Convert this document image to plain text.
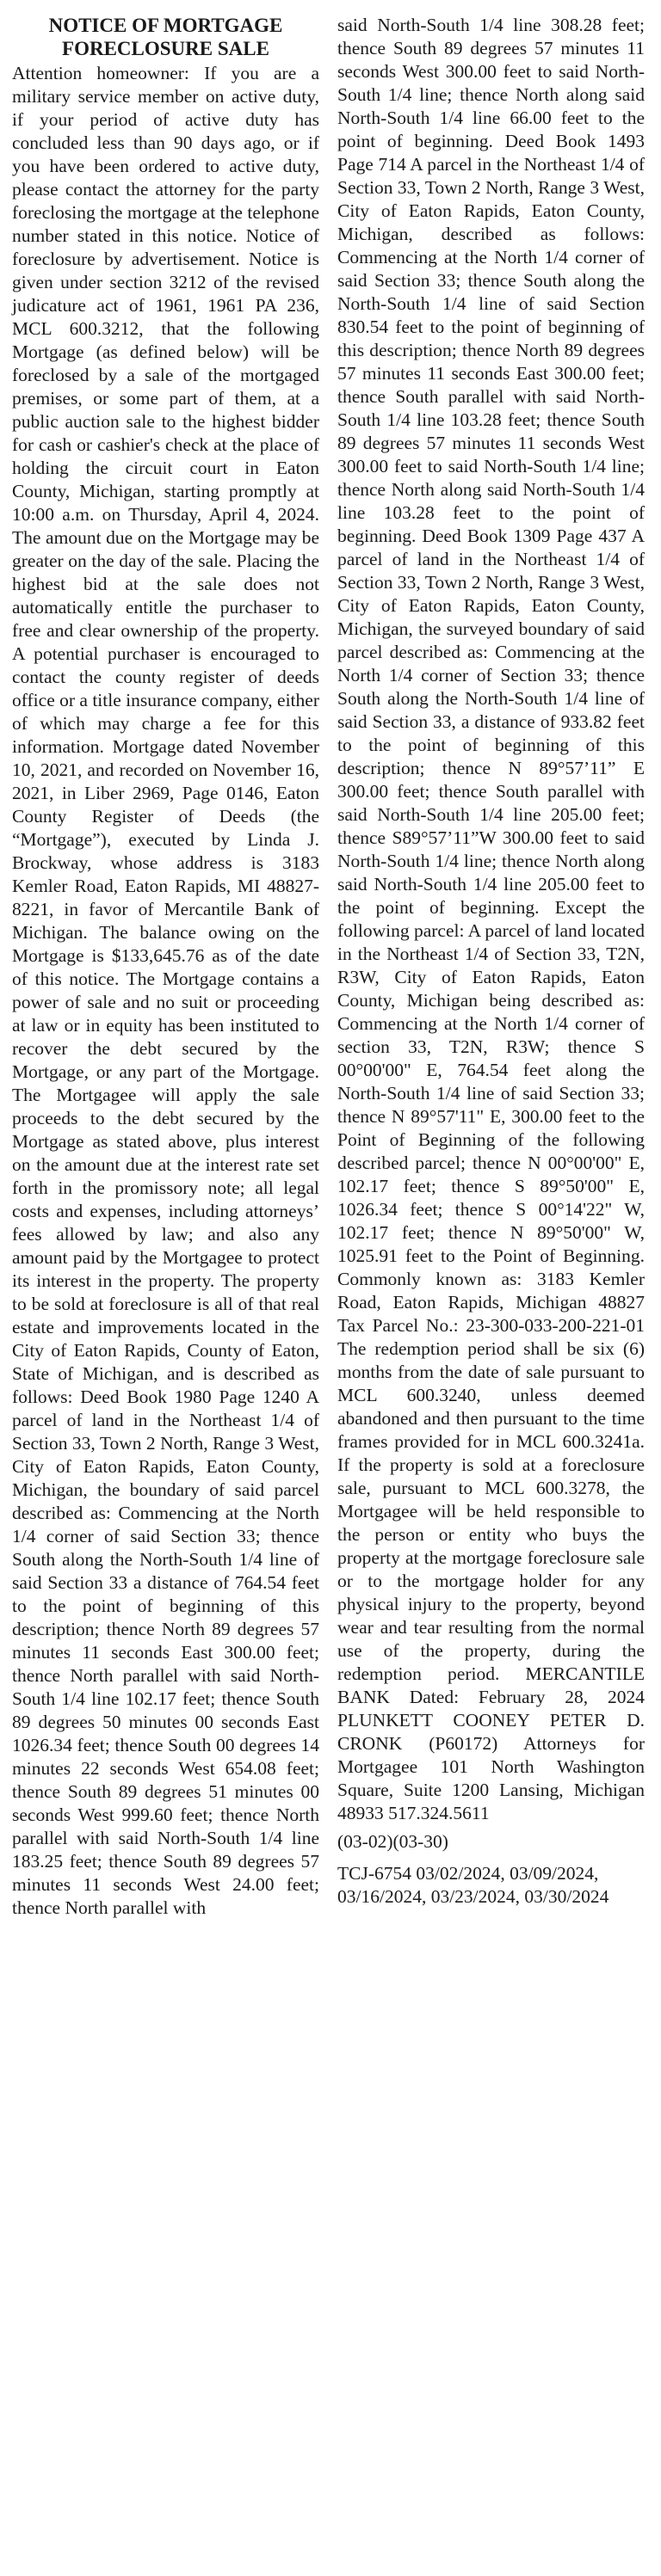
NOTICE OF MORTGAGE FORECLOSURE SALE

Attention homeowner: If you are a military service member on active duty, if your period of active duty has concluded less than 90 days ago, or if you have been ordered to active duty, please contact the attorney for the party foreclosing the mortgage at the telephone number stated in this notice. Notice of foreclosure by advertisement. Notice is given under section 3212 of the revised judicature act of 1961, 1961 PA 236, MCL 600.3212, that the following Mortgage (as defined below) will be foreclosed by a sale of the mortgaged premises, or some part of them, at a public auction sale to the highest bidder for cash or cashier's check at the place of holding the circuit court in Eaton County, Michigan, starting promptly at 10:00 a.m. on Thursday, April 4, 2024. The amount due on the Mortgage may be greater on the day of the sale. Placing the highest bid at the sale does not automatically entitle the purchaser to free and clear ownership of the property. A potential purchaser is encouraged to contact the county register of deeds office or a title insurance company, either of which may charge a fee for this information. Mortgage dated November 10, 2021, and recorded on November 16, 2021, in Liber 2969, Page 0146, Eaton County Register of Deeds (the “Mortgage”), executed by Linda J. Brockway, whose address is 3183 Kemler Road, Eaton Rapids, MI 48827-8221, in favor of Mercantile Bank of Michigan. The balance owing on the Mortgage is $133,645.76 as of the date of this notice. The Mortgage contains a power of sale and no suit or proceeding at law or in equity has been instituted to recover the debt secured by the Mortgage, or any part of the Mortgage. The Mortgagee will apply the sale proceeds to the debt secured by the Mortgage as stated above, plus interest on the amount due at the interest rate set forth in the promissory note; all legal costs and expenses, including attorneys’ fees allowed by law; and also any amount paid by the Mortgagee to protect its interest in the property. The property to be sold at foreclosure is all of that real estate and improvements located in the City of Eaton Rapids, County of Eaton, State of Michigan, and is described as follows: Deed Book 1980 Page 1240 A parcel of land in the Northeast 1/4 of Section 33, Town 2 North, Range 3 West, City of Eaton Rapids, Eaton County, Michigan, the boundary of said parcel described as: Commencing at the North 1/4 corner of said Section 33; thence South along the North-South 1/4 line of said Section 33 a distance of 764.54 feet to the point of beginning of this description; thence North 89 degrees 57 minutes 11 seconds East 300.00 feet; thence North parallel with said North-South 1/4 line 102.17 feet; thence South 89 degrees 50 minutes 00 seconds East 1026.34 feet; thence South 00 degrees 14 minutes 22 seconds West 654.08 feet; thence South 89 degrees 51 minutes 00 seconds West 999.60 feet; thence North parallel with said North-South 1/4 line 183.25 feet; thence South 89 degrees 57 minutes 11 seconds West 24.00 feet; thence North parallel with

said North-South 1/4 line 308.28 feet; thence South 89 degrees 57 minutes 11 seconds West 300.00 feet to said North-South 1/4 line; thence North along said North-South 1/4 line 66.00 feet to the point of beginning. Deed Book 1493 Page 714 A parcel in the Northeast 1/4 of Section 33, Town 2 North, Range 3 West, City of Eaton Rapids, Eaton County, Michigan, described as follows: Commencing at the North 1/4 corner of said Section 33; thence South along the North-South 1/4 line of said Section 830.54 feet to the point of beginning of this description; thence North 89 degrees 57 minutes 11 seconds East 300.00 feet; thence South parallel with said North-South 1/4 line 103.28 feet; thence South 89 degrees 57 minutes 11 seconds West 300.00 feet to said North-South 1/4 line; thence North along said North-South 1/4 line 103.28 feet to the point of beginning. Deed Book 1309 Page 437 A parcel of land in the Northeast 1/4 of Section 33, Town 2 North, Range 3 West, City of Eaton Rapids, Eaton County, Michigan, the surveyed boundary of said parcel described as: Commencing at the North 1/4 corner of Section 33; thence South along the North-South 1/4 line of said Section 33, a distance of 933.82 feet to the point of beginning of this description; thence N 89°57’11” E 300.00 feet; thence South parallel with said North-South 1/4 line 205.00 feet; thence S89°57’11”W 300.00 feet to said North-South 1/4 line; thence North along said North-South 1/4 line 205.00 feet to the point of beginning. Except the following parcel: A parcel of land located in the Northeast 1/4 of Section 33, T2N, R3W, City of Eaton Rapids, Eaton County, Michigan being described as: Commencing at the North 1/4 corner of section 33, T2N, R3W; thence S 00°00'00" E, 764.54 feet along the North-South 1/4 line of said Section 33; thence N 89°57'11" E, 300.00 feet to the Point of Beginning of the following described parcel; thence N 00°00'00" E, 102.17 feet; thence S 89°50'00" E, 1026.34 feet; thence S 00°14'22" W, 102.17 feet; thence N 89°50'00" W, 1025.91 feet to the Point of Beginning. Commonly known as: 3183 Kemler Road, Eaton Rapids, Michigan 48827 Tax Parcel No.: 23-300-033-200-221-01 The redemption period shall be six (6) months from the date of sale pursuant to MCL 600.3240, unless deemed abandoned and then pursuant to the time frames provided for in MCL 600.3241a. If the property is sold at a foreclosure sale, pursuant to MCL 600.3278, the Mortgagee will be held responsible to the person or entity who buys the property at the mortgage foreclosure sale or to the mortgage holder for any physical injury to the property, beyond wear and tear resulting from the normal use of the property, during the redemption period. MERCANTILE BANK Dated: February 28, 2024 PLUNKETT COONEY PETER D. CRONK (P60172) Attorneys for Mortgagee 101 North Washington Square, Suite 1200 Lansing, Michigan 48933 517.324.5611

(03-02)(03-30)

TCJ-6754 03/02/2024, 03/09/2024, 03/16/2024, 03/23/2024, 03/30/2024
